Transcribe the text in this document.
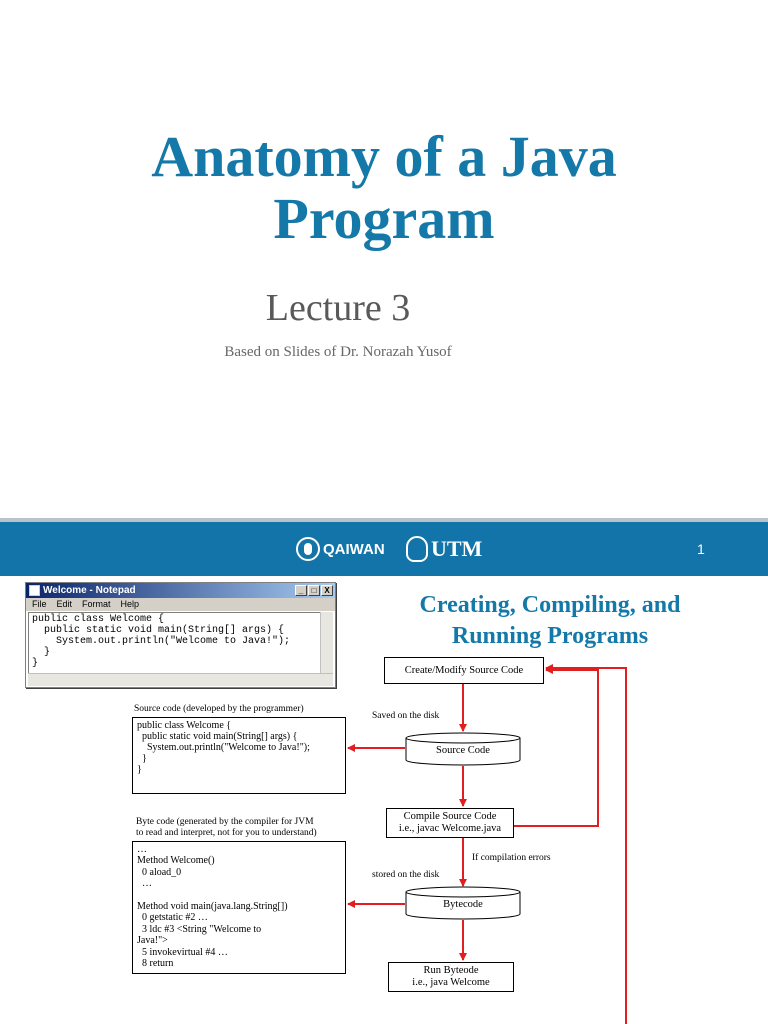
Anatomy of a Java
Program
Lecture 3
Based on Slides of Dr. Norazah Yusof
QAIWAN UTM	1
Welcome - Notepad	_	□ X
File Edit Format Help
public class Welcome {
public static void main(String[] args) {
System.out.println("Welcome to Java!");
}
}
Creating, Compiling, and
Running Programs
Create/Modify Source Code
Saved on the disk
Source Code
Compile Source Code
i.e., javac Welcome.java
If compilation errors
stored on the disk
Bytecode
Run Byteode
i.e., java Welcome
Source code (developed by the programmer)
public class Welcome {
public static void main(String[] args) {
System.out.println("Welcome to Java!");
}
}
Byte code (generated by the compiler for JVM
to read and interpret, not for you to understand)
…
Method Welcome()
0 aload_0
…

Method void main(java.lang.String[])
0 getstatic #2 …
3 ldc #3 <String "Welcome to
Java!">
5 invokevirtual #4 …
8 return
